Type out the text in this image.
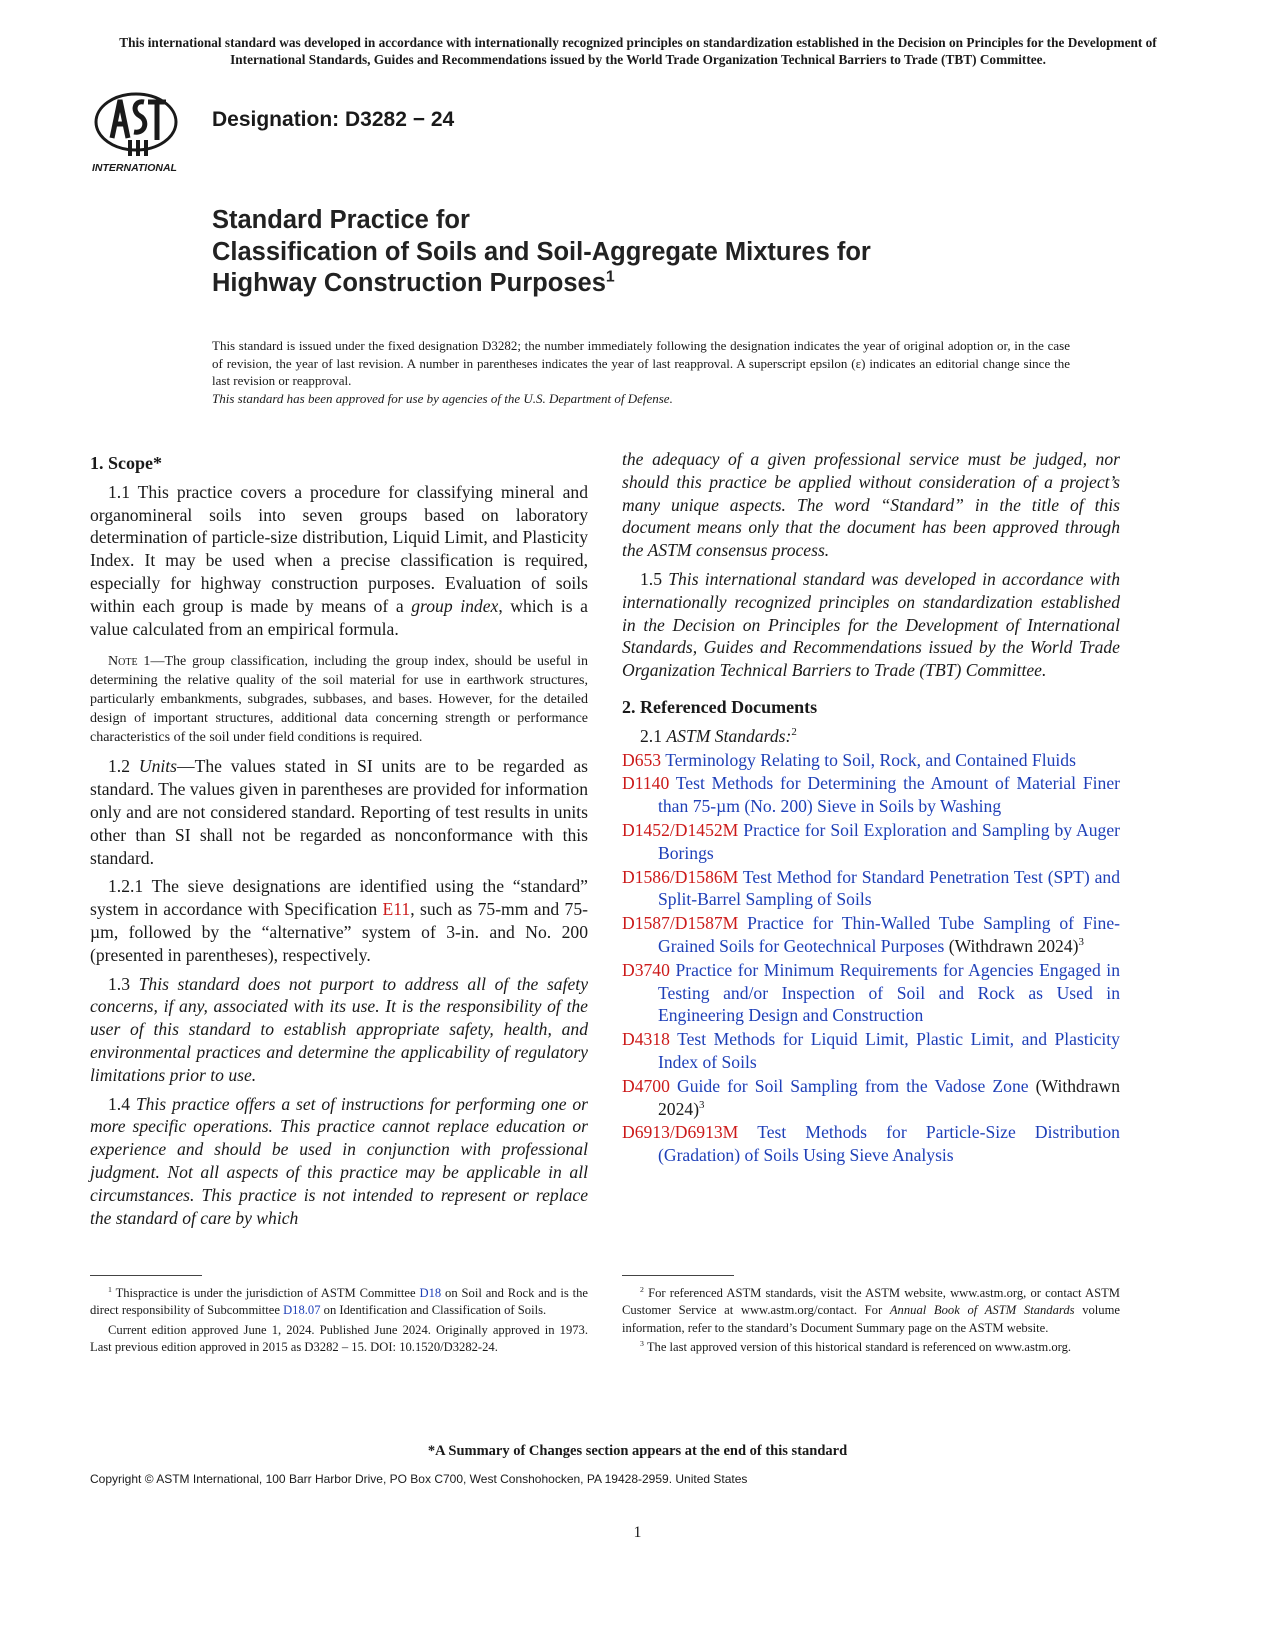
This international standard was developed in accordance with internationally recognized principles on standardization established in the Decision on Principles for the Development of International Standards, Guides and Recommendations issued by the World Trade Organization Technical Barriers to Trade (TBT) Committee.
INTERNATIONAL
Designation: D3282 − 24
Standard Practice for
Classification of Soils and Soil-Aggregate Mixtures for
Highway Construction Purposes$^1$
This standard is issued under the fixed designation D3282; the number immediately following the designation indicates the year of original adoption or, in the case of revision, the year of last revision. A number in parentheses indicates the year of last reapproval. A superscript epsilon (ε) indicates an editorial change since the last revision or reapproval.
This standard has been approved for use by agencies of the U.S. Department of Defense.
1. Scope*

1.1 This practice covers a procedure for classifying mineral and organomineral soils into seven groups based on laboratory determination of particle-size distribution, Liquid Limit, and Plasticity Index. It may be used when a precise classification is required, especially for highway construction purposes. Evaluation of soils within each group is made by means of a group index, which is a value calculated from an empirical formula.

Note 1—The group classification, including the group index, should be useful in determining the relative quality of the soil material for use in earthwork structures, particularly embankments, subgrades, subbases, and bases. However, for the detailed design of important structures, additional data concerning strength or performance characteristics of the soil under field conditions is required.

1.2 Units—The values stated in SI units are to be regarded as standard. The values given in parentheses are provided for information only and are not considered standard. Reporting of test results in units other than SI shall not be regarded as nonconformance with this standard.

1.2.1 The sieve designations are identified using the “standard” system in accordance with Specification E11, such as 75-mm and 75-µm, followed by the “alternative” system of 3-in. and No. 200 (presented in parentheses), respectively.

1.3 This standard does not purport to address all of the safety concerns, if any, associated with its use. It is the responsibility of the user of this standard to establish appropriate safety, health, and environmental practices and determine the applicability of regulatory limitations prior to use.

1.4 This practice offers a set of instructions for performing one or more specific operations. This practice cannot replace education or experience and should be used in conjunction with professional judgment. Not all aspects of this practice may be applicable in all circumstances. This practice is not intended to represent or replace the standard of care by which

the adequacy of a given professional service must be judged, nor should this practice be applied without consideration of a project’s many unique aspects. The word “Standard” in the title of this document means only that the document has been approved through the ASTM consensus process.

1.5 This international standard was developed in accordance with internationally recognized principles on standardization established in the Decision on Principles for the Development of International Standards, Guides and Recommendations issued by the World Trade Organization Technical Barriers to Trade (TBT) Committee.

2. Referenced Documents

2.1 ASTM Standards:$^2$

D653 Terminology Relating to Soil, Rock, and Contained Fluids

D1140 Test Methods for Determining the Amount of Material Finer than 75-µm (No. 200) Sieve in Soils by Washing

D1452/D1452M Practice for Soil Exploration and Sampling by Auger Borings

D1586/D1586M Test Method for Standard Penetration Test (SPT) and Split-Barrel Sampling of Soils

D1587/D1587M Practice for Thin-Walled Tube Sampling of Fine-Grained Soils for Geotechnical Purposes (Withdrawn 2024)$^3$

D3740 Practice for Minimum Requirements for Agencies Engaged in Testing and/or Inspection of Soil and Rock as Used in Engineering Design and Construction

D4318 Test Methods for Liquid Limit, Plastic Limit, and Plasticity Index of Soils

D4700 Guide for Soil Sampling from the Vadose Zone (Withdrawn 2024)$^3$

D6913/D6913M Test Methods for Particle-Size Distribution (Gradation) of Soils Using Sieve Analysis

$^1$ Thispractice is under the jurisdiction of ASTM Committee D18 on Soil and Rock and is the direct responsibility of Subcommittee D18.07 on Identification and Classification of Soils.

Current edition approved June 1, 2024. Published June 2024. Originally approved in 1973. Last previous edition approved in 2015 as D3282 – 15. DOI: 10.1520/D3282-24.

$^2$ For referenced ASTM standards, visit the ASTM website, www.astm.org, or contact ASTM Customer Service at www.astm.org/contact. For Annual Book of ASTM Standards volume information, refer to the standard’s Document Summary page on the ASTM website.

$^3$ The last approved version of this historical standard is referenced on www.astm.org.

*A Summary of Changes section appears at the end of this standard
Copyright © ASTM International, 100 Barr Harbor Drive, PO Box C700, West Conshohocken, PA 19428-2959. United States
1
